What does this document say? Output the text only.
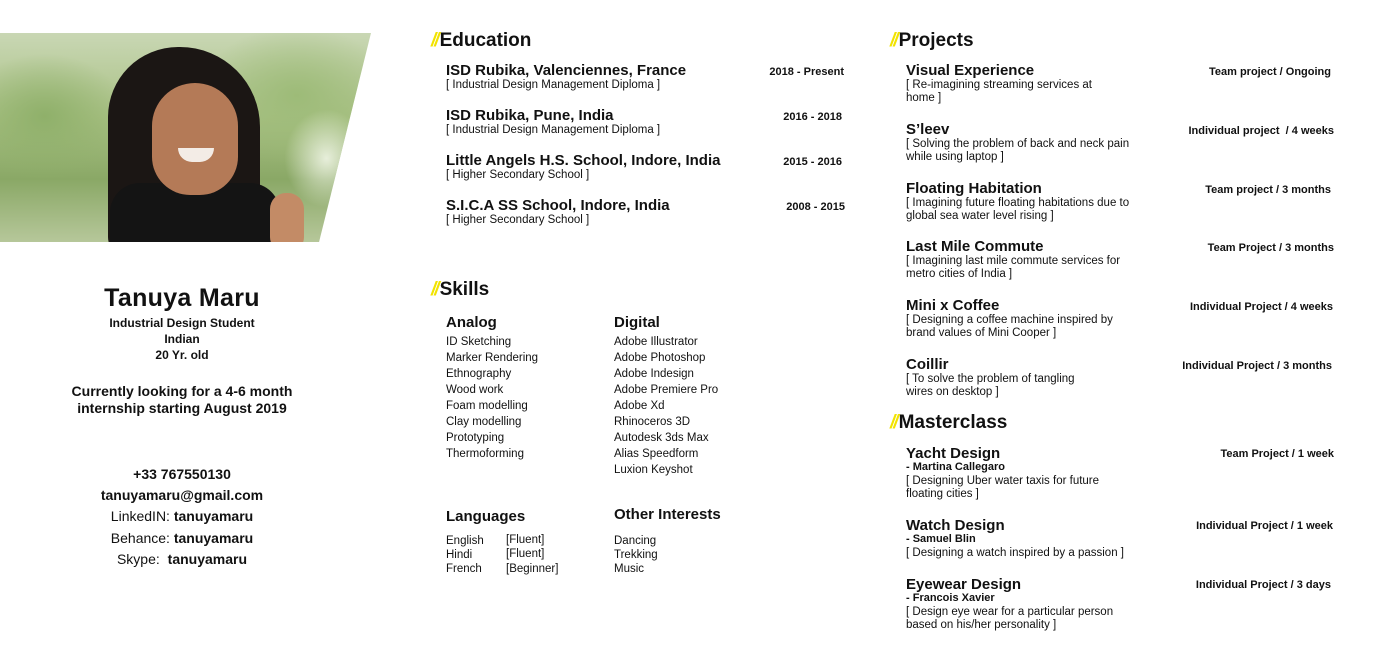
Tanuya Maru
Industrial Design Student
Indian
20 Yr. old
Currently looking for a 4-6 month
internship starting August 2019
+33 767550130
tanuyamaru@gmail.com
LinkedIN: tanuyamaru
Behance: tanuyamaru
Skype: tanuyamaru
// Education
ISD Rubika, Valenciennes, France
[ Industrial Design Management Diploma ]
2018 - Present
ISD Rubika, Pune, India
[ Industrial Design Management Diploma ]
2016 - 2018
Little Angels H.S. School, Indore, India
[ Higher Secondary School ]
2015 - 2016
S.I.C.A SS School, Indore, India
[ Higher Secondary School ]
2008 - 2015
// Skills
Analog
ID Sketching
Marker Rendering
Ethnography
Wood work
Foam modelling
Clay modelling
Prototyping
Thermoforming
Digital
Adobe Illustrator
Adobe Photoshop
Adobe Indesign
Adobe Premiere Pro
Adobe Xd
Rhinoceros 3D
Autodesk 3ds Max
Alias Speedform
Luxion Keyshot
Languages
English
Hindi
French
[Fluent]
[Fluent]
[Beginner]
Other Interests
Dancing
Trekking
Music
// Projects
Visual Experience
[ Re-imagining streaming services at
home ]
Team project / Ongoing
S’leev
[ Solving the problem of back and neck pain
while using laptop ]
Individual project  / 4 weeks
Floating Habitation
[ Imagining future floating habitations due to
global sea water level rising ]
Team project / 3 months
Last Mile Commute
[ Imagining last mile commute services for
metro cities of India ]
Team Project / 3 months
Mini x Coffee
[ Designing a coffee machine inspired by
brand values of Mini Cooper ]
Individual Project / 4 weeks
Coillir
[ To solve the problem of tangling
wires on desktop ]
Individual Project / 3 months
// Masterclass
Yacht Design
- Martina Callegaro
[ Designing Uber water taxis for future
floating cities ]
Team Project / 1 week
Watch Design
- Samuel Blin
[ Designing a watch inspired by a passion ]
Individual Project / 1 week
Eyewear Design
- Francois Xavier
[ Design eye wear for a particular person
based on his/her personality ]
Individual Project / 3 days
